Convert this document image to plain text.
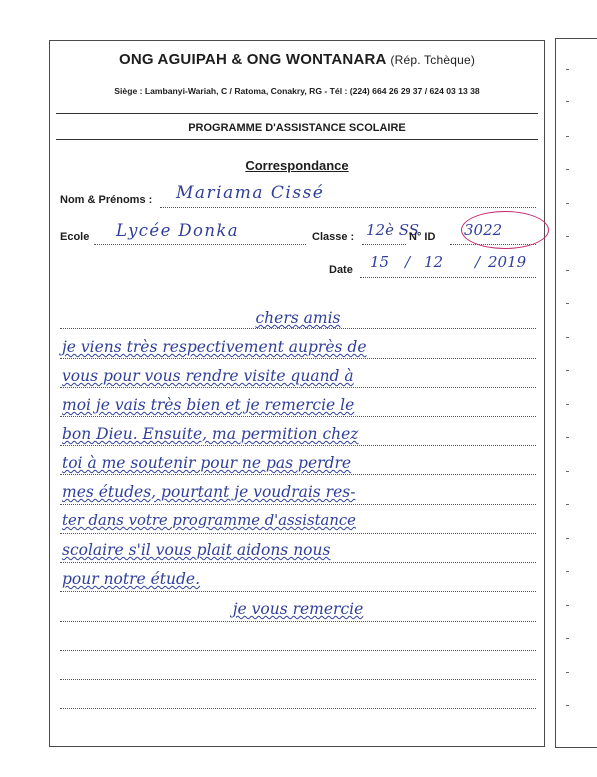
ONG AGUIPAH & ONG WONTANARA (Rép. Tchèque)
Siège : Lambanyi-Wariah, C / Ratoma, Conakry, RG - Tél : (224) 664 26 29 37 / 624 03 13 38
PROGRAMME D'ASSISTANCE SCOLAIRE
Correspondance
Nom & Prénoms : Mariama Cissé
Ecole Lycée Donka	Classe : 12è SS
N° ID 3022
Date 15 / 12 / 2019
chers amis
je viens très respectivement auprès de
vous pour vous rendre visite quand à
moi je vais très bien et je remercie le
bon Dieu. Ensuite, ma permition chez
toi à me soutenir pour ne pas perdre
mes études, pourtant je voudrais res-
ter dans votre programme d'assistance
scolaire s'il vous plait aidons nous
pour notre étude.
je vous remercie
